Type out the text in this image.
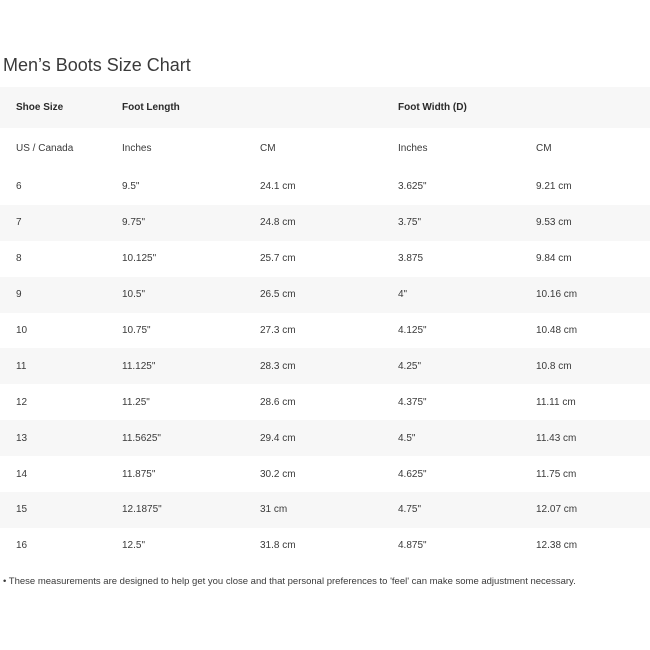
Men’s Boots Size Chart
Shoe Size	Foot Length		Foot Width (D)	
US / Canada	Inches	CM	Inches	CM
6	9.5"	24.1 cm	3.625"	9.21 cm
7	9.75"	24.8 cm	3.75"	9.53 cm
8	10.125"	25.7 cm	3.875	9.84 cm
9	10.5"	26.5 cm	4"	10.16 cm
10	10.75"	27.3 cm	4.125"	10.48 cm
11	11.125"	28.3 cm	4.25"	10.8 cm
12	11.25"	28.6 cm	4.375"	11.11 cm
13	11.5625"	29.4 cm	4.5"	11.43 cm
14	11.875"	30.2 cm	4.625"	11.75 cm
15	12.1875"	31 cm	4.75"	12.07 cm
16	12.5"	31.8 cm	4.875"	12.38 cm
• These measurements are designed to help get you close and that personal preferences to 'feel' can make some adjustment necessary.
